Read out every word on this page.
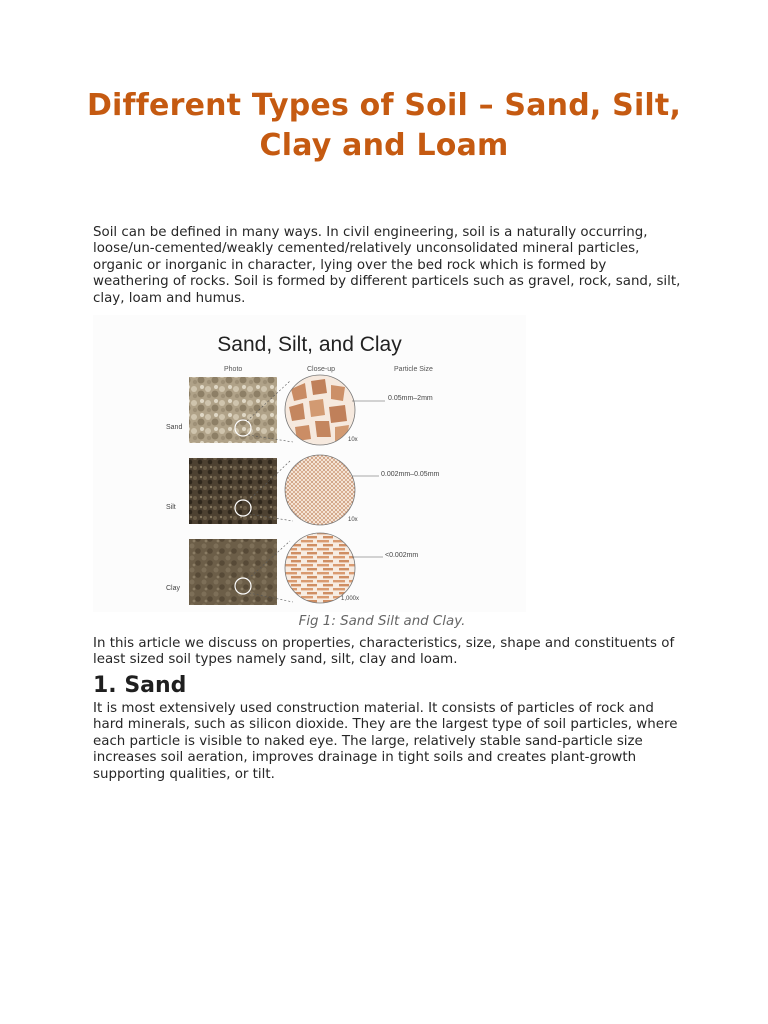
Different Types of Soil – Sand, Silt, Clay and Loam

Soil can be defined in many ways. In civil engineering, soil is a naturally occurring, loose/un-cemented/weakly cemented/relatively unconsolidated mineral particles, organic or inorganic in character, lying over the bed rock which is formed by weathering of rocks. Soil is formed by different particels such as gravel, rock, sand, silt, clay, loam and humus.

Sand, Silt, and Clay
Photo	Close-up	Particle Size
Sand
Silt
Clay
0.05mm–2mm
0.002mm–0.05mm
<0.002mm
10x
10x
1,000x

Fig 1: Sand Silt and Clay.

In this article we discuss on properties, characteristics, size, shape and constituents of least sized soil types namely sand, silt, clay and loam.

1. Sand

It is most extensively used construction material. It consists of particles of rock and hard minerals, such as silicon dioxide. They are the largest type of soil particles, where each particle is visible to naked eye. The large, relatively stable sand-particle size increases soil aeration, improves drainage in tight soils and creates plant-growth supporting qualities, or tilt.
